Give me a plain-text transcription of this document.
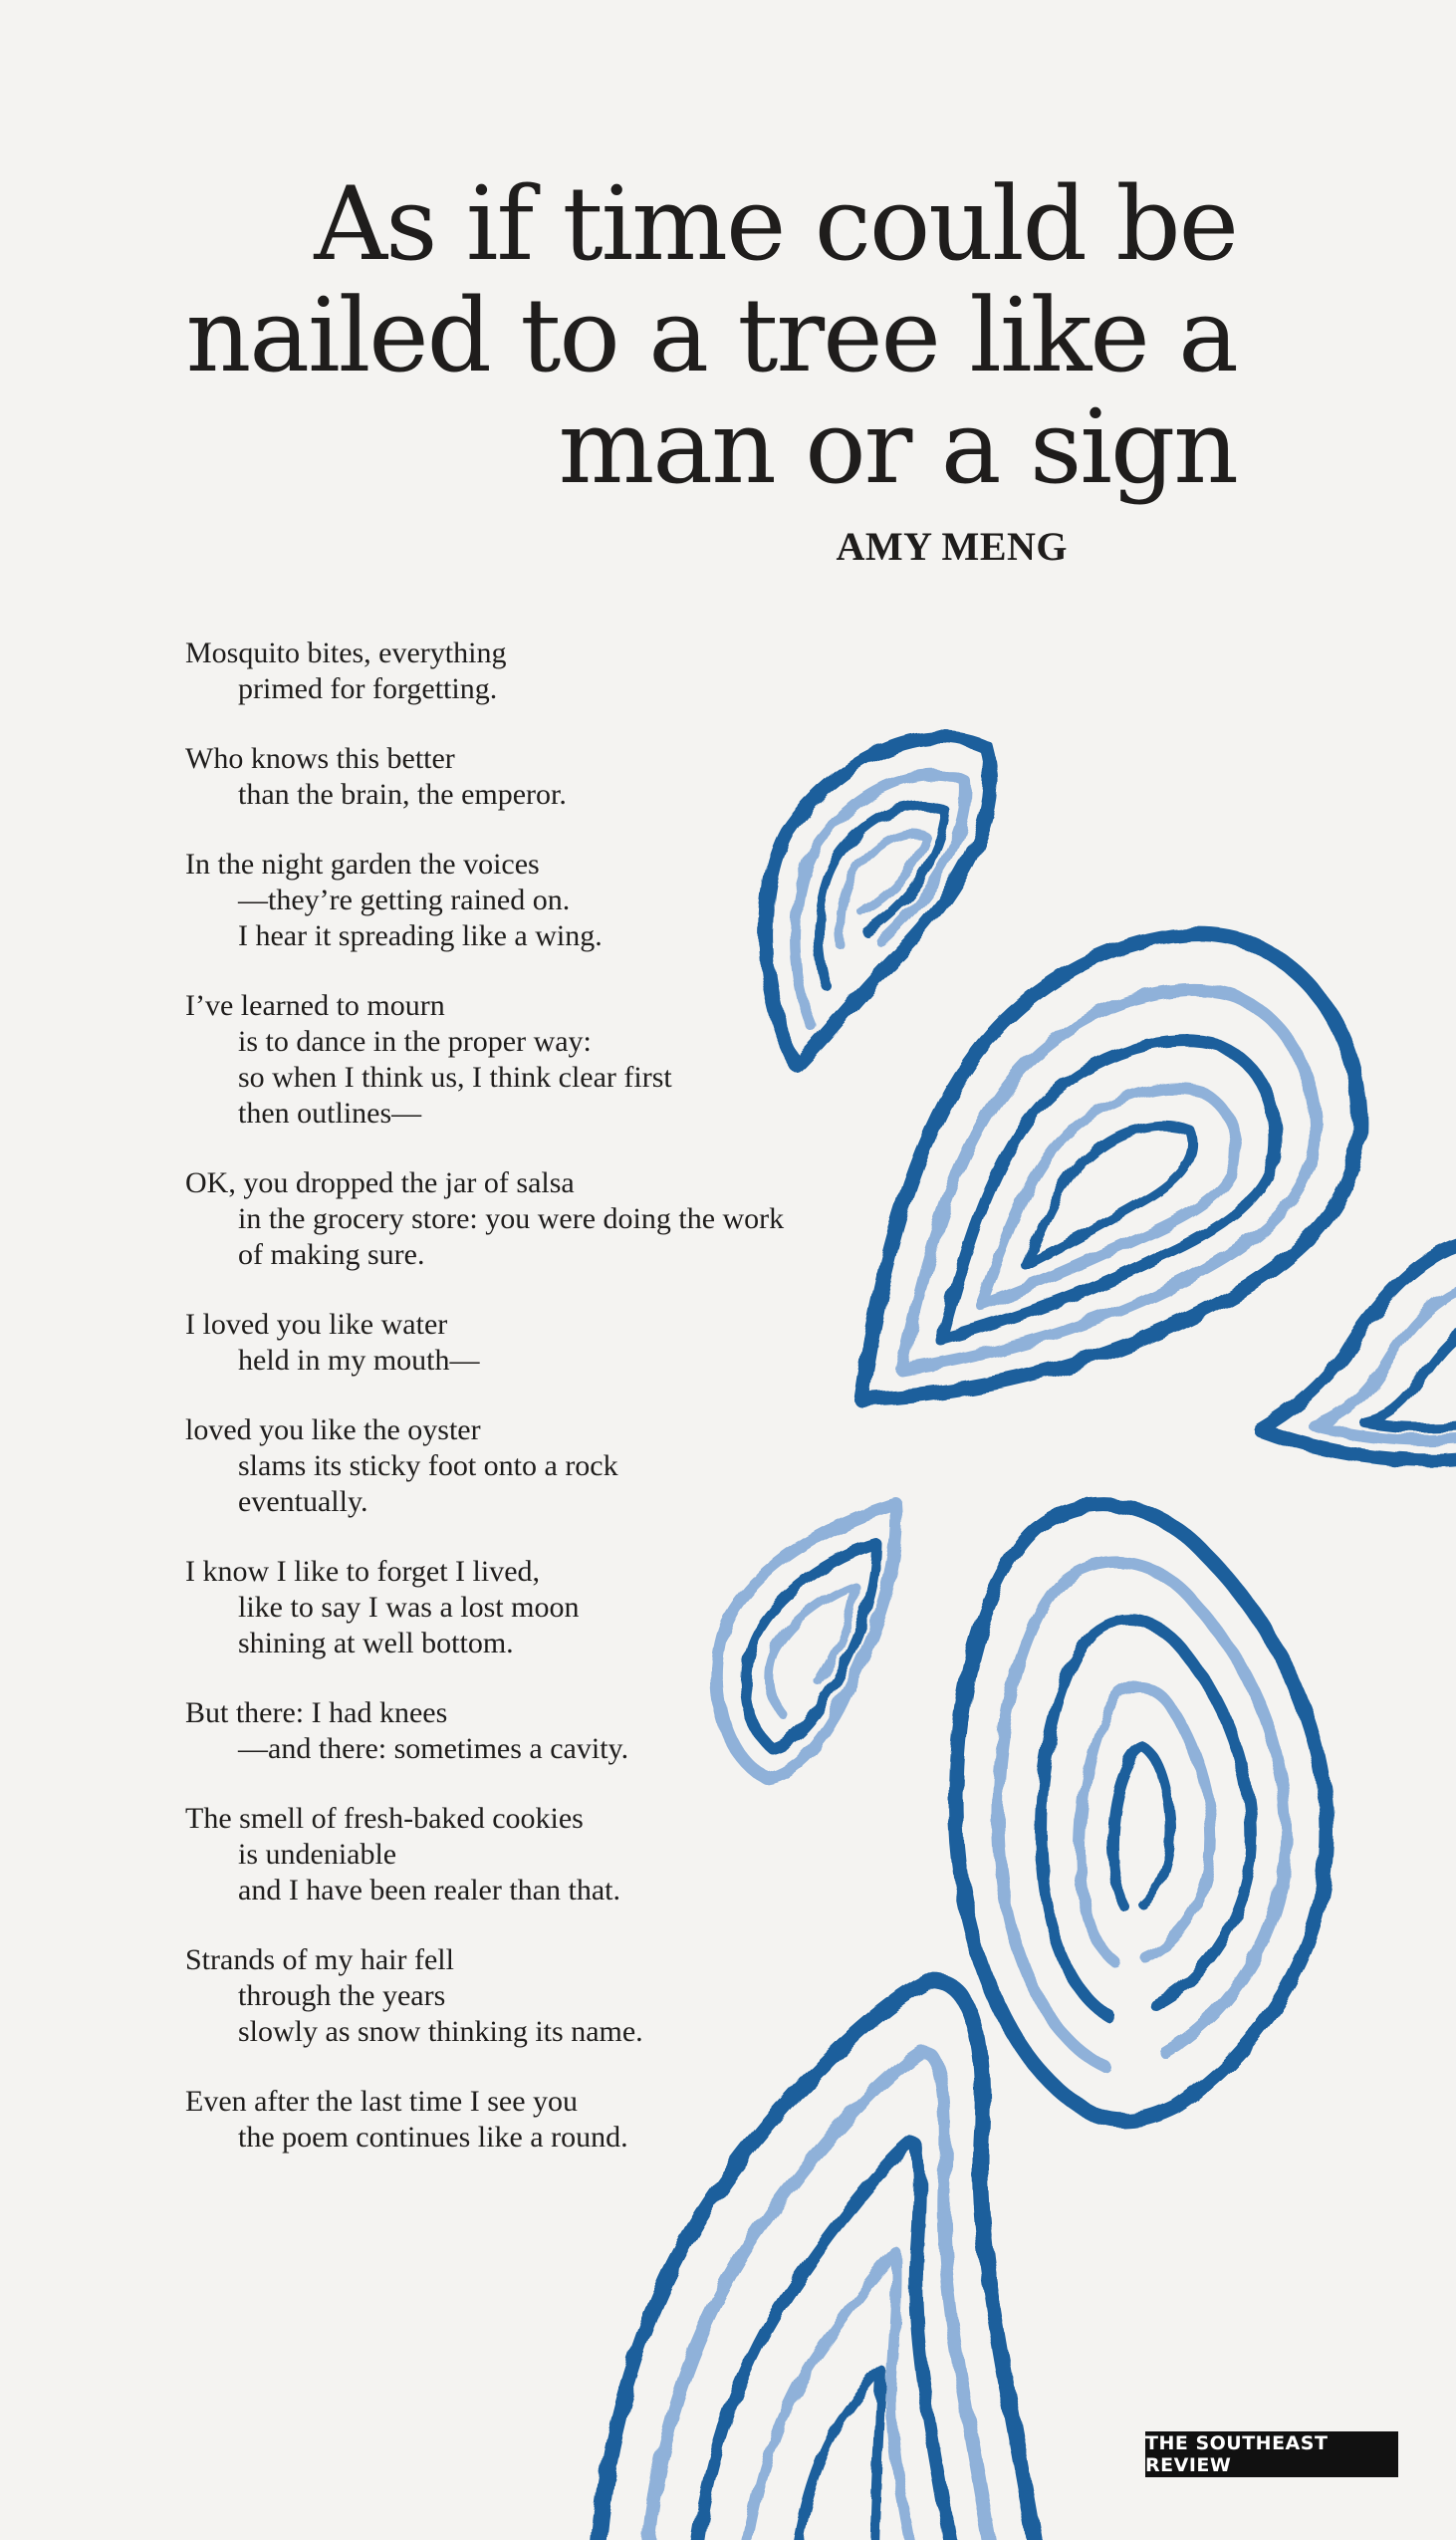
As if time could be nailed to a tree like a man or a sign
AMY MENG
Mosquito bites, everything
primed for forgetting.
Who knows this better
than the brain, the emperor.
In the night garden the voices
—they’re getting rained on.
I hear it spreading like a wing.
I’ve learned to mourn
is to dance in the proper way:
so when I think us, I think clear first
then outlines—
OK, you dropped the jar of salsa
in the grocery store: you were doing the work
of making sure.
I loved you like water
held in my mouth—
loved you like the oyster
slams its sticky foot onto a rock
eventually.
I know I like to forget I lived,
like to say I was a lost moon
shining at well bottom.
But there: I had knees
—and there: sometimes a cavity.
The smell of fresh-baked cookies
is undeniable
and I have been realer than that.
Strands of my hair fell
through the years
slowly as snow thinking its name.
Even after the last time I see you
the poem continues like a round.
THE SOUTHEAST REVIEW
